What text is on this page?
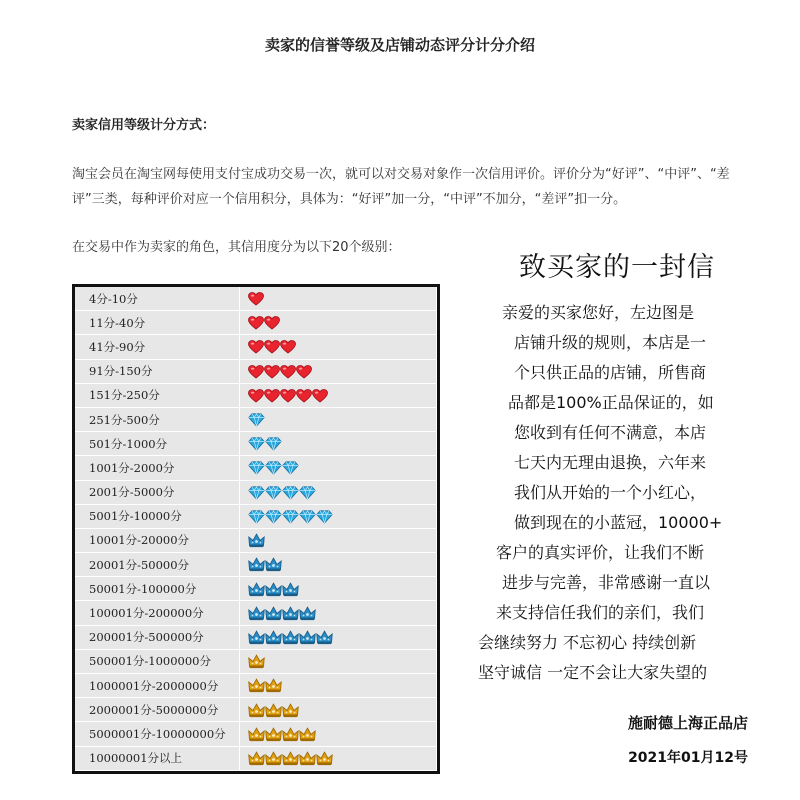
卖家的信誉等级及店铺动态评分计分介绍
卖家信用等级计分方式：
淘宝会员在淘宝网每使用支付宝成功交易一次，就可以对交易对象作一次信用评价。评价分为“好评”、“中评”、“差评”三类，每种评价对应一个信用积分，具体为：“好评”加一分，“中评”不加分，“差评”扣一分。
在交易中作为卖家的角色，其信用度分为以下20个级别：
4分-10分	
11分-40分	
41分-90分	
91分-150分	
151分-250分	
251分-500分	
501分-1000分	
1001分-2000分	
2001分-5000分	
5001分-10000分	
10001分-20000分	
20001分-50000分	
50001分-100000分	
100001分-200000分	
200001分-500000分	
500001分-1000000分	
1000001分-2000000分	
2000001分-5000000分	
5000001分-10000000分	
10000001分以上	
致买家的一封信
亲爱的买家您好，左边图是
店铺升级的规则，本店是一
个只供正品的店铺，所售商
品都是100%正品保证的，如
您收到有任何不满意，本店
七天内无理由退换，六年来
我们从开始的一个小红心，
做到现在的小蓝冠，10000+
客户的真实评价，让我们不断
进步与完善，非常感谢一直以
来支持信任我们的亲们，我们
会继续努力 不忘初心 持续创新
坚守诚信 一定不会让大家失望的
施耐德上海正品店
2021年01月12号
